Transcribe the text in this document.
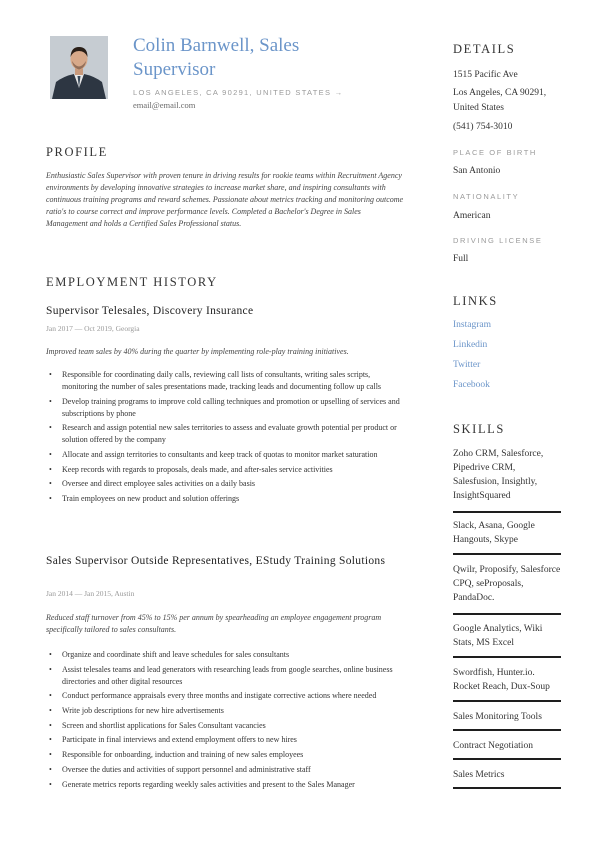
Colin Barnwell, Sales Supervisor
LOS ANGELES, CA 90291, UNITED STATES →
email@email.com
PROFILE
Enthusiastic Sales Supervisor with proven tenure in driving results for rookie teams within Recruitment Agency environments by developing innovative strategies to increase market share, and inspiring consultants with continuous training programs and reward schemes. Passionate about metrics tracking and monitoring outcome ratio's to course correct and improve performance levels. Completed a Bachelor's Degree in Sales Management and holds a Certified Sales Professional status.
EMPLOYMENT HISTORY
Supervisor Telesales, Discovery Insurance
Jan 2017 — Oct 2019, Georgia
Improved team sales by 40% during the quarter by implementing role-play training initiatives.
• Responsible for coordinating daily calls, reviewing call lists of consultants, writing sales scripts, monitoring the number of sales presentations made, tracking leads and documenting follow up calls
• Develop training programs to improve cold calling techniques and promotion or upselling of services and subscriptions by phone
• Research and assign potential new sales territories to assess and evaluate growth potential per product or solution offered by the company
• Allocate and assign territories to consultants and keep track of quotas to monitor market saturation
• Keep records with regards to proposals, deals made, and after-sales service activities
• Oversee and direct employee sales activities on a daily basis
• Train employees on new product and solution offerings
Sales Supervisor Outside Representatives, EStudy Training Solutions
Jan 2014 — Jan 2015, Austin
Reduced staff turnover from 45% to 15% per annum by spearheading an employee engagement program specifically tailored to sales consultants.
• Organize and coordinate shift and leave schedules for sales consultants
• Assist telesales teams and lead generators with researching leads from google searches, online business directories and other digital resources
• Conduct performance appraisals every three months and instigate corrective actions where needed
• Write job descriptions for new hire advertisements
• Screen and shortlist applications for Sales Consultant vacancies
• Participate in final interviews and extend employment offers to new hires
• Responsible for onboarding, induction and training of new sales employees
• Oversee the duties and activities of support personnel and administrative staff
• Generate metrics reports regarding weekly sales activities and present to the Sales Manager
DETAILS
1515 Pacific Ave
Los Angeles, CA 90291,
United States
(541) 754-3010
PLACE OF BIRTH
San Antonio
NATIONALITY
American
DRIVING LICENSE
Full
LINKS
Instagram
Linkedin
Twitter
Facebook
SKILLS
Zoho CRM, Salesforce, Pipedrive CRM, Salesfusion, Insightly, InsightSquared
Slack, Asana, Google Hangouts, Skype
Qwilr, Proposify, Salesforce CPQ, seProposals, PandaDoc.
Google Analytics, Wiki Stats, MS Excel
Swordfish, Hunter.io. Rocket Reach, Dux-Soup
Sales Monitoring Tools
Contract Negotiation
Sales Metrics
